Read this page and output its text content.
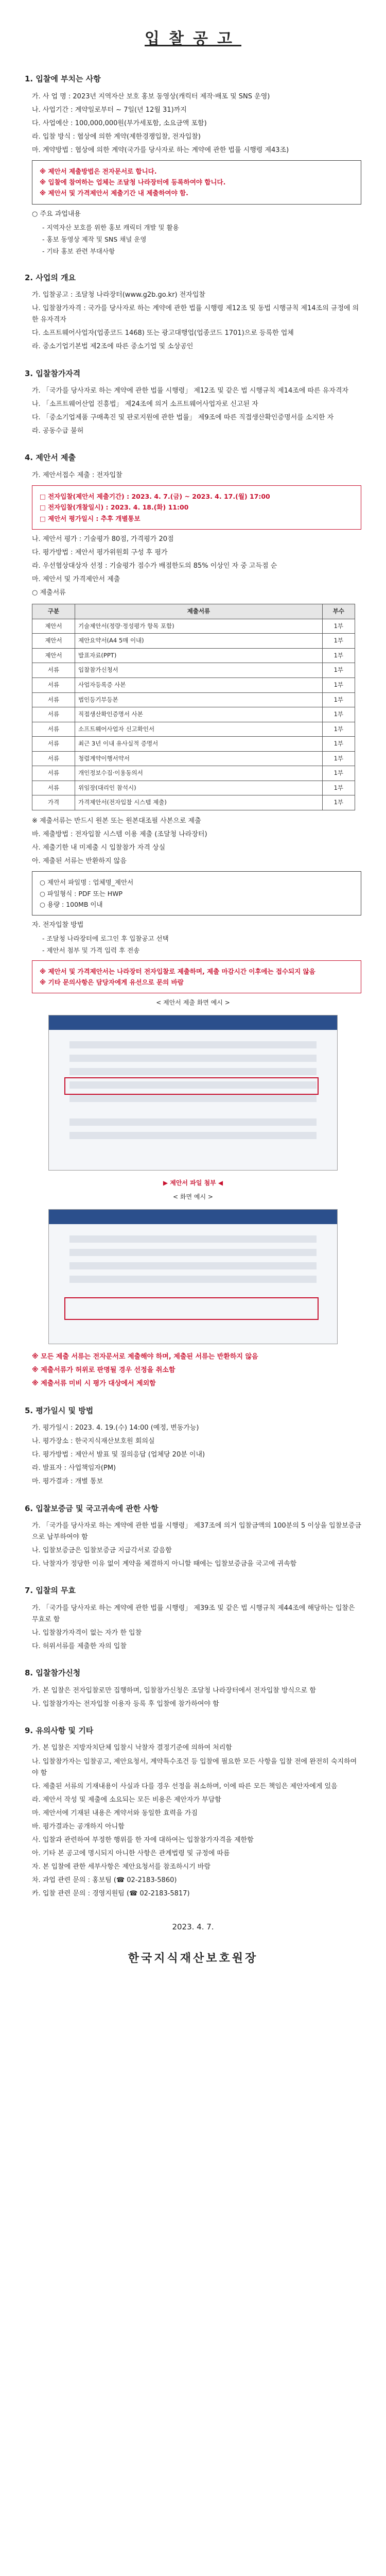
입찰공고
1. 입찰에 부치는 사항
가. 사 업 명 : 2023년 지역자산 보호 홍보 동영상(캐릭터 제작·배포 및 SNS 운영)
나. 사업기간 : 계약일로부터 ~ 7일(년 12월 31)까지
다. 사업예산 : 100,000,000원(부가세포함, 소요금액 포함)
라. 입찰 방식 : 협상에 의한 계약(제한경쟁입찰, 전자입찰)
마. 계약방법 : 협상에 의한 계약(국가를 당사자로 하는 계약에 관한 법률 시행령 제43조)
※ 제안서 제출방법은 전자문서로 합니다.
※ 입찰에 참여하는 업체는 조달청 나라장터에 등록하여야 합니다.
※ 제안서 및 가격제안서 제출기간 내 제출하여야 함.
○ 주요 과업내용
- 지역자산 보호를 위한 홍보 캐릭터 개발 및 활용
- 홍보 동영상 제작 및 SNS 채널 운영
- 기타 홍보 관련 부대사항
2. 사업의 개요
가. 입찰공고 : 조달청 나라장터(www.g2b.go.kr) 전자입찰
나. 입찰참가자격 : 국가를 당사자로 하는 계약에 관한 법률 시행령 제12조 및 동법 시행규칙 제14조의 규정에 의한 유자격자
다. 소프트웨어사업자(업종코드 1468) 또는 광고대행업(업종코드 1701)으로 등록한 업체
라. 중소기업기본법 제2조에 따른 중소기업 및 소상공인
3. 입찰참가자격
가. 「국가를 당사자로 하는 계약에 관한 법률 시행령」 제12조 및 같은 법 시행규칙 제14조에 따른 유자격자
나. 「소프트웨어산업 진흥법」 제24조에 의거 소프트웨어사업자로 신고된 자
다. 「중소기업제품 구매촉진 및 판로지원에 관한 법률」 제9조에 따른 직접생산확인증명서를 소지한 자
라. 공동수급 불허
4. 제안서 제출
가. 제안서접수 제출 : 전자입찰
□ 전자입찰(제안서 제출기간) : 2023. 4. 7.(금) ~ 2023. 4. 17.(월) 17:00
□ 전자입찰(개찰일시) : 2023. 4. 18.(화) 11:00
□ 제안서 평가일시 : 추후 개별통보
나. 제안서 평가 : 기술평가 80점, 가격평가 20점
다. 평가방법 : 제안서 평가위원회 구성 후 평가
라. 우선협상대상자 선정 : 기술평가 점수가 배점한도의 85% 이상인 자 중 고득점 순
마. 제안서 및 가격제안서 제출
○ 제출서류
구분	제출서류	부수
제안서	기술제안서(정량·정성평가 항목 포함)	1부
제안서	제안요약서(A4 5매 이내)	1부
제안서	발표자료(PPT)	1부
서류	입찰참가신청서	1부
서류	사업자등록증 사본	1부
서류	법인등기부등본	1부
서류	직접생산확인증명서 사본	1부
서류	소프트웨어사업자 신고확인서	1부
서류	최근 3년 이내 유사실적 증명서	1부
서류	청렴계약이행서약서	1부
서류	개인정보수집·이용동의서	1부
서류	위임장(대리인 참석시)	1부
가격	가격제안서(전자입찰 시스템 제출)	1부
※ 제출서류는 반드시 원본 또는 원본대조필 사본으로 제출
바. 제출방법 : 전자입찰 시스템 이용 제출 (조달청 나라장터)
사. 제출기한 내 미제출 시 입찰참가 자격 상실
아. 제출된 서류는 반환하지 않음
○ 제안서 파일명 : 업체명_제안서
○ 파일형식 : PDF 또는 HWP
○ 용량 : 100MB 이내
자. 전자입찰 방법
- 조달청 나라장터에 로그인 후 입찰공고 선택
- 제안서 첨부 및 가격 입력 후 전송
※ 제안서 및 가격제안서는 나라장터 전자입찰로 제출하며, 제출 마감시간 이후에는 접수되지 않음
※ 기타 문의사항은 담당자에게 유선으로 문의 바람
< 제안서 제출 화면 예시 >
▶ 제안서 파일 첨부 ◀
< 화면 예시 >
※ 모든 제출 서류는 전자문서로 제출해야 하며, 제출된 서류는 반환하지 않음
※ 제출서류가 허위로 판명될 경우 선정을 취소함
※ 제출서류 미비 시 평가 대상에서 제외함
5. 평가일시 및 방법
가. 평가일시 : 2023. 4. 19.(수) 14:00 (예정, 변동가능)
나. 평가장소 : 한국지식재산보호원 회의실
다. 평가방법 : 제안서 발표 및 질의응답 (업체당 20분 이내)
라. 발표자 : 사업책임자(PM)
마. 평가결과 : 개별 통보
6. 입찰보증금 및 국고귀속에 관한 사항
가. 「국가를 당사자로 하는 계약에 관한 법률 시행령」 제37조에 의거 입찰금액의 100분의 5 이상을 입찰보증금으로 납부하여야 함
나. 입찰보증금은 입찰보증금 지급각서로 갈음함
다. 낙찰자가 정당한 이유 없이 계약을 체결하지 아니할 때에는 입찰보증금을 국고에 귀속함
7. 입찰의 무효
가. 「국가를 당사자로 하는 계약에 관한 법률 시행령」 제39조 및 같은 법 시행규칙 제44조에 해당하는 입찰은 무효로 함
나. 입찰참가자격이 없는 자가 한 입찰
다. 허위서류를 제출한 자의 입찰
8. 입찰참가신청
가. 본 입찰은 전자입찰로만 집행하며, 입찰참가신청은 조달청 나라장터에서 전자입찰 방식으로 함
나. 입찰참가자는 전자입찰 이용자 등록 후 입찰에 참가하여야 함
9. 유의사항 및 기타
가. 본 입찰은 지방자치단체 입찰시 낙찰자 결정기준에 의하여 처리함
나. 입찰참가자는 입찰공고, 제안요청서, 계약특수조건 등 입찰에 필요한 모든 사항을 입찰 전에 완전히 숙지하여야 함
다. 제출된 서류의 기재내용이 사실과 다를 경우 선정을 취소하며, 이에 따른 모든 책임은 제안자에게 있음
라. 제안서 작성 및 제출에 소요되는 모든 비용은 제안자가 부담함
마. 제안서에 기재된 내용은 계약서와 동일한 효력을 가짐
바. 평가결과는 공개하지 아니함
사. 입찰과 관련하여 부정한 행위를 한 자에 대하여는 입찰참가자격을 제한함
아. 기타 본 공고에 명시되지 아니한 사항은 관계법령 및 규정에 따름
자. 본 입찰에 관한 세부사항은 제안요청서를 참조하시기 바람
차. 과업 관련 문의 : 홍보팀 (☎ 02-2183-5860)
카. 입찰 관련 문의 : 경영지원팀 (☎ 02-2183-5817)
2023. 4. 7.
한국지식재산보호원장
